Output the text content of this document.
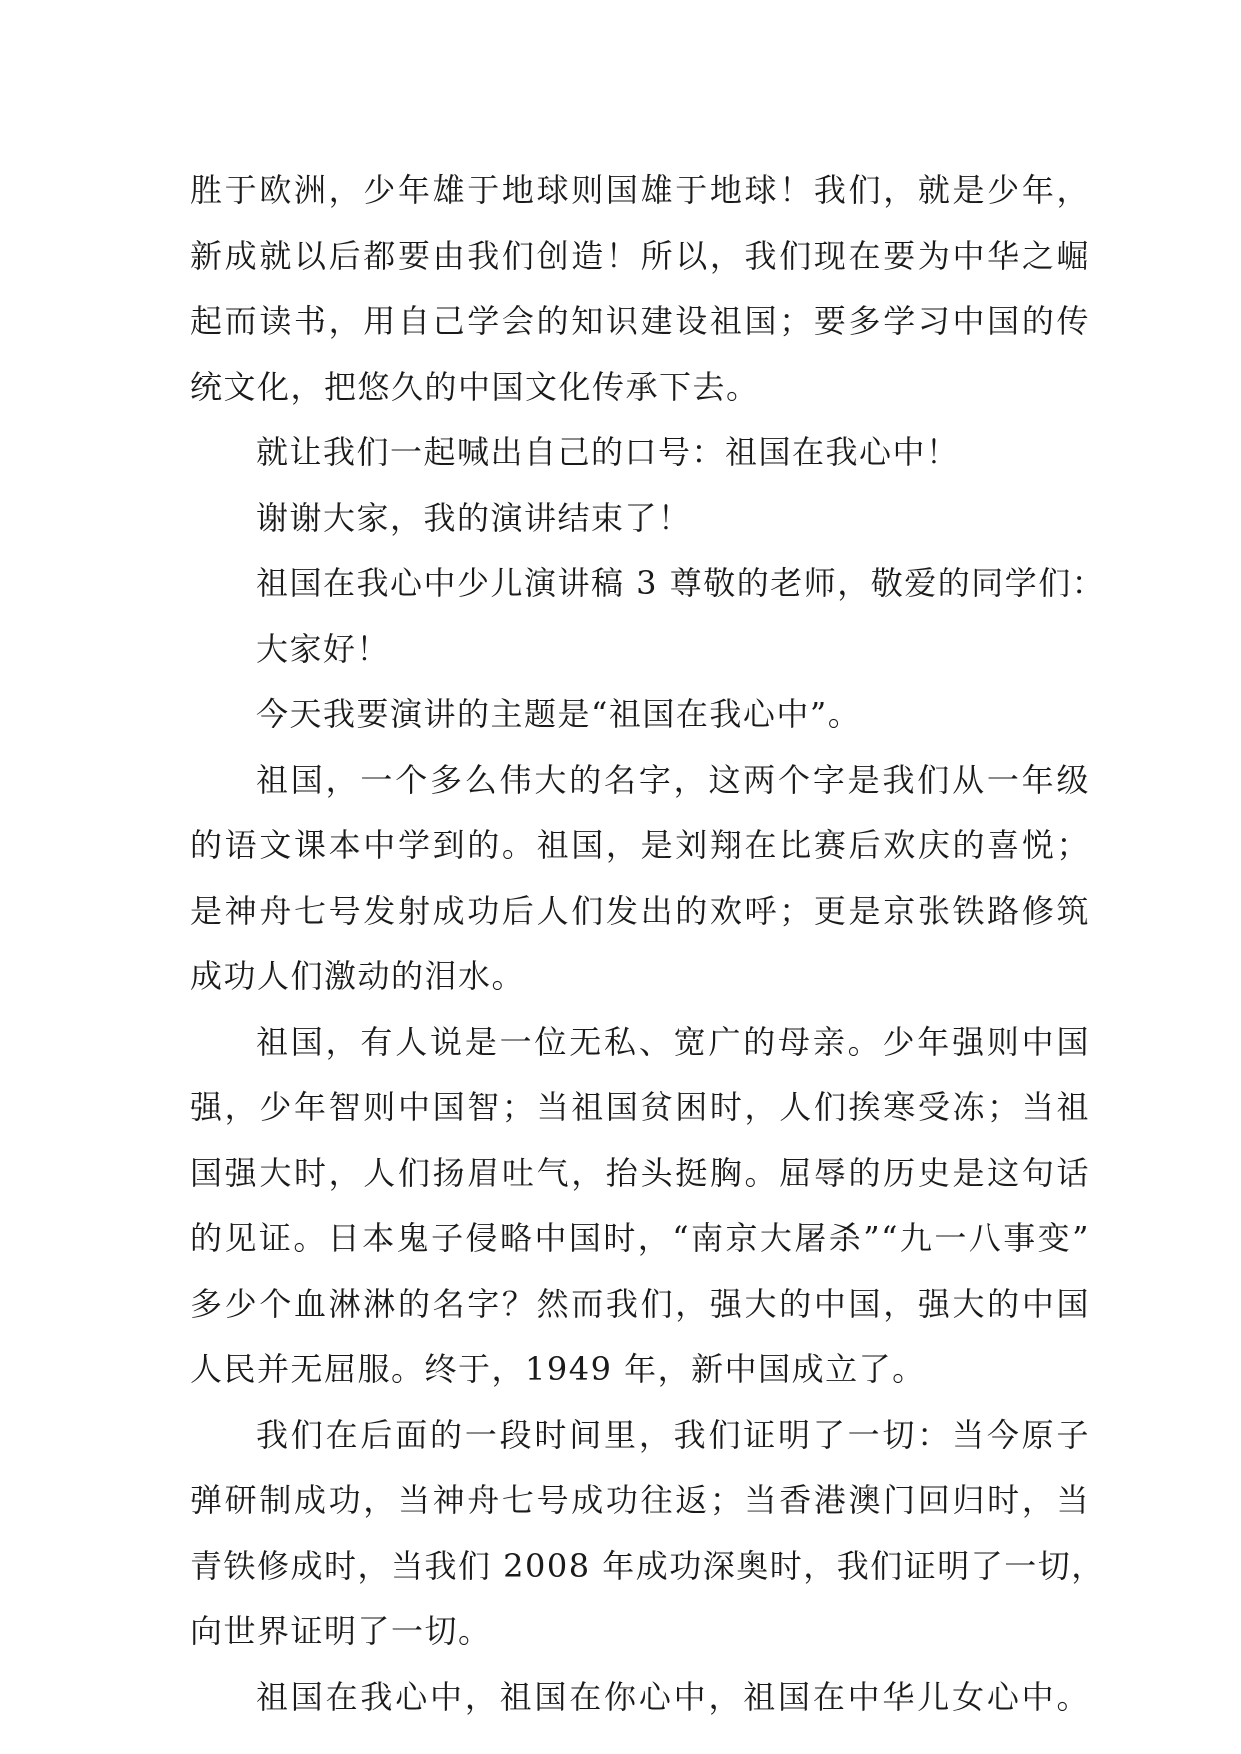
胜于欧洲，少年雄于地球则国雄于地球！我们，就是少年，
新成就以后都要由我们创造！所以，我们现在要为中华之崛
起而读书，用自己学会的知识建设祖国；要多学习中国的传
统文化，把悠久的中国文化传承下去。
就让我们一起喊出自己的口号：祖国在我心中！
谢谢大家，我的演讲结束了！
祖国在我心中少儿演讲稿 3 尊敬的老师，敬爱的同学们：
大家好！
今天我要演讲的主题是“祖国在我心中”。
祖国，一个多么伟大的名字，这两个字是我们从一年级
的语文课本中学到的。祖国，是刘翔在比赛后欢庆的喜悦；
是神舟七号发射成功后人们发出的欢呼；更是京张铁路修筑
成功人们激动的泪水。
祖国，有人说是一位无私、宽广的母亲。少年强则中国
强，少年智则中国智；当祖国贫困时，人们挨寒受冻；当祖
国强大时，人们扬眉吐气，抬头挺胸。屈辱的历史是这句话
的见证。日本鬼子侵略中国时，“南京大屠杀”“九一八事变”
多少个血淋淋的名字？然而我们，强大的中国，强大的中国
人民并无屈服。终于，1949 年，新中国成立了。
我们在后面的一段时间里，我们证明了一切：当今原子
弹研制成功，当神舟七号成功往返；当香港澳门回归时，当
青铁修成时，当我们 2008 年成功深奥时，我们证明了一切，
向世界证明了一切。
祖国在我心中，祖国在你心中，祖国在中华儿女心中。
